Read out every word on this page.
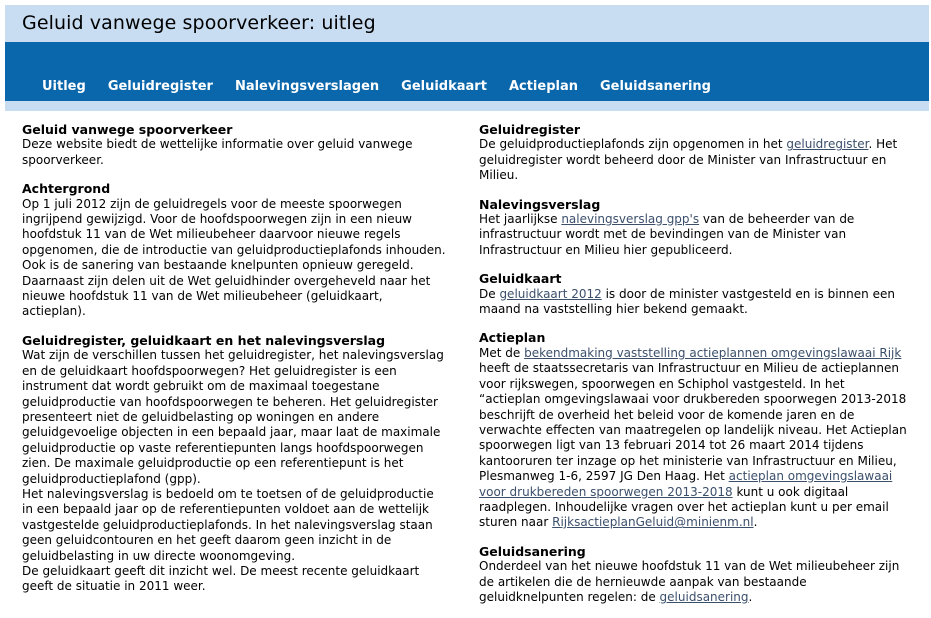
Geluid vanwege spoorverkeer: uitleg
Uitleg Geluidregister Nalevingsverslagen Geluidkaart Actieplan Geluidsanering
Geluid vanwege spoorverkeer

Deze website biedt de wettelijke informatie over geluid vanwege spoorverkeer.

Achtergrond

Op 1 juli 2012 zijn de geluidregels voor de meeste spoorwegen ingrijpend gewijzigd. Voor de hoofdspoorwegen zijn in een nieuw hoofdstuk 11 van de Wet milieubeheer daarvoor nieuwe regels opgenomen, die de introductie van geluidproductieplafonds inhouden. Ook is de sanering van bestaande knelpunten opnieuw geregeld. Daarnaast zijn delen uit de Wet geluidhinder overgeheveld naar het nieuwe hoofdstuk 11 van de Wet milieubeheer (geluidkaart, actieplan).

Geluidregister, geluidkaart en het nalevingsverslag

Wat zijn de verschillen tussen het geluidregister, het nalevingsverslag en de geluidkaart hoofdspoorwegen? Het geluidregister is een instrument dat wordt gebruikt om de maximaal toegestane geluidproductie van hoofdspoorwegen te beheren. Het geluidregister presenteert niet de geluidbelasting op woningen en andere geluidgevoelige objecten in een bepaald jaar, maar laat de maximale geluidproductie op vaste referentiepunten langs hoofdspoorwegen zien. De maximale geluidproductie op een referentiepunt is het geluidproductieplafond (gpp).

Het nalevingsverslag is bedoeld om te toetsen of de geluidproductie in een bepaald jaar op de referentiepunten voldoet aan de wettelijk vastgestelde geluidproductieplafonds. In het nalevingsverslag staan geen geluidcontouren en het geeft daarom geen inzicht in de geluidbelasting in uw directe woonomgeving.

De geluidkaart geeft dit inzicht wel. De meest recente geluidkaart geeft de situatie in 2011 weer.

Geluidregister

De geluidproductieplafonds zijn opgenomen in het geluidregister. Het geluidregister wordt beheerd door de Minister van Infrastructuur en Milieu.

Nalevingsverslag

Het jaarlijkse nalevingsverslag gpp's van de beheerder van de infrastructuur wordt met de bevindingen van de Minister van Infrastructuur en Milieu hier gepubliceerd.

Geluidkaart

De geluidkaart 2012 is door de minister vastgesteld en is binnen een maand na vaststelling hier bekend gemaakt.

Actieplan

Met de bekendmaking vaststelling actieplannen omgevingslawaai Rijk heeft de staatssecretaris van Infrastructuur en Milieu de actieplannen voor rijkswegen, spoorwegen en Schiphol vastgesteld. In het “actieplan omgevingslawaai voor drukbereden spoorwegen 2013-2018 beschrijft de overheid het beleid voor de komende jaren en de verwachte effecten van maatregelen op landelijk niveau. Het Actieplan spoorwegen ligt van 13 februari 2014 tot 26 maart 2014 tijdens kantooruren ter inzage op het ministerie van Infrastructuur en Milieu, Plesmanweg 1-6, 2597 JG Den Haag. Het actieplan omgevingslawaai voor drukbereden spoorwegen 2013-2018 kunt u ook digitaal raadplegen. Inhoudelijke vragen over het actieplan kunt u per email sturen naar RijksactieplanGeluid@minienm.nl.

Geluidsanering

Onderdeel van het nieuwe hoofdstuk 11 van de Wet milieubeheer zijn de artikelen die de hernieuwde aanpak van bestaande geluidknelpunten regelen: de geluidsanering.
